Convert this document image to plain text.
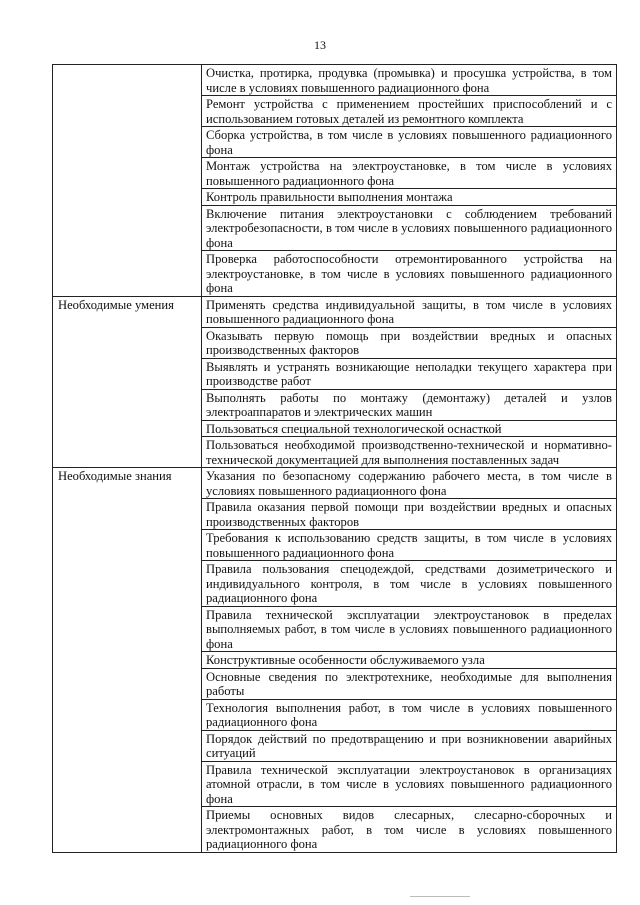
13
	Очистка, протирка, продувка (промывка) и просушка устройства, в том числе в условиях повышенного радиационного фона
	Ремонт устройства с применением простейших приспособлений и с использованием готовых деталей из ремонтного комплекта
	Сборка устройства, в том числе в условиях повышенного радиационного фона
	Монтаж устройства на электроустановке, в том числе в условиях повышенного радиационного фона
	Контроль правильности выполнения монтажа
	Включение питания электроустановки с соблюдением требований электробезопасности, в том числе в условиях повышенного радиационного фона
	Проверка работоспособности отремонтированного устройства на электроустановке, в том числе в условиях повышенного радиационного фона
Необходимые умения	Применять средства индивидуальной защиты, в том числе в условиях повышенного радиационного фона
	Оказывать первую помощь при воздействии вредных и опасных производственных факторов
	Выявлять и устранять возникающие неполадки текущего характера при производстве работ
	Выполнять работы по монтажу (демонтажу) деталей и узлов электроаппаратов и электрических машин
	Пользоваться специальной технологической оснасткой
	Пользоваться необходимой производственно-технической и нормативно-технической документацией для выполнения поставленных задач
Необходимые знания	Указания по безопасному содержанию рабочего места, в том числе в условиях повышенного радиационного фона
	Правила оказания первой помощи при воздействии вредных и опасных производственных факторов
	Требования к использованию средств защиты, в том числе в условиях повышенного радиационного фона
	Правила пользования спецодеждой, средствами дозиметрического и индивидуального контроля, в том числе в условиях повышенного радиационного фона
	Правила технической эксплуатации электроустановок в пределах выполняемых работ, в том числе в условиях повышенного радиационного фона
	Конструктивные особенности обслуживаемого узла
	Основные сведения по электротехнике, необходимые для выполнения работы
	Технология выполнения работ, в том числе в условиях повышенного радиационного фона
	Порядок действий по предотвращению и при возникновении аварийных ситуаций
	Правила технической эксплуатации электроустановок в организациях атомной отрасли, в том числе в условиях повышенного радиационного фона
	Приемы основных видов слесарных, слесарно-сборочных и электромонтажных работ, в том числе в условиях повышенного радиационного фона
